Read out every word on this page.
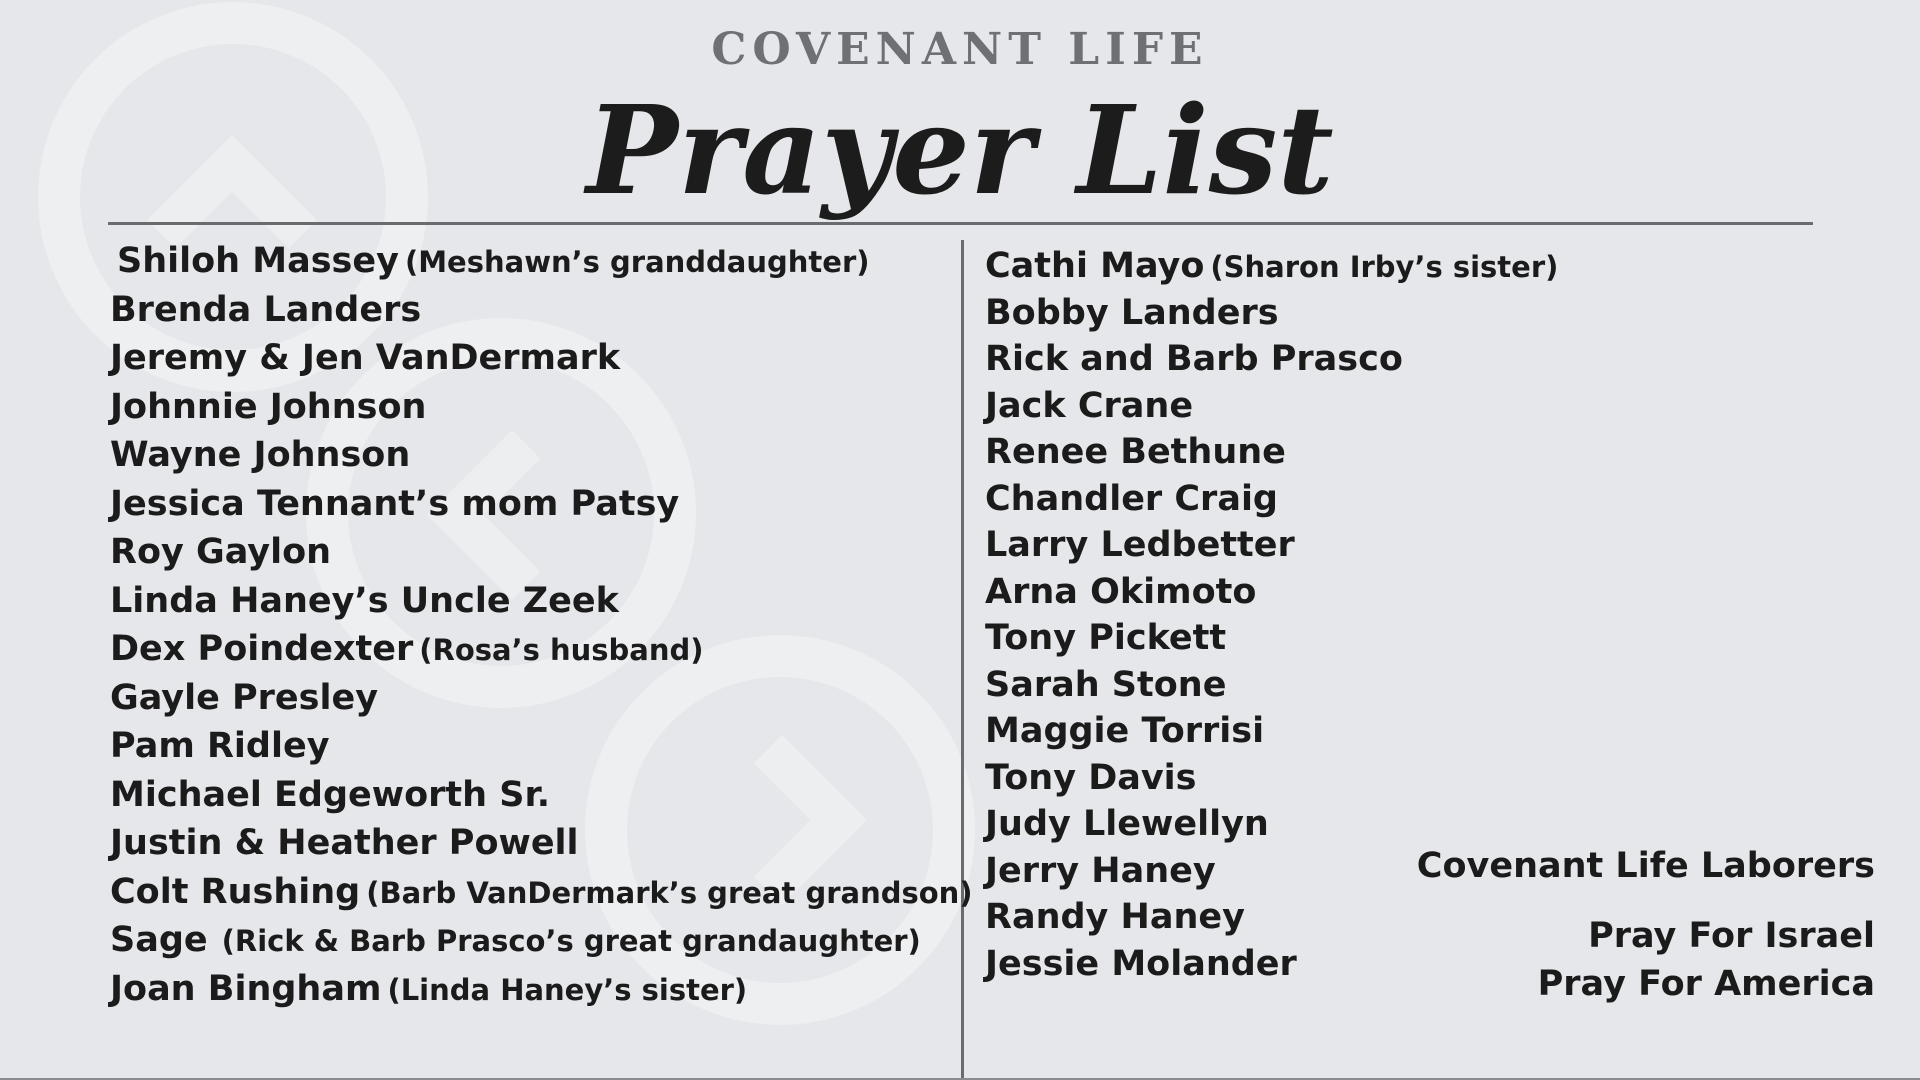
COVENANT LIFE
Prayer List
Shiloh Massey (Meshawn’s granddaughter)
Brenda Landers
Jeremy & Jen VanDermark
Johnnie Johnson
Wayne Johnson
Jessica Tennant’s mom Patsy
Roy Gaylon
Linda Haney’s Uncle Zeek
Dex Poindexter (Rosa’s husband)
Gayle Presley
Pam Ridley
Michael Edgeworth Sr.
Justin & Heather Powell
Colt Rushing (Barb VanDermark’s great grandson)
Sage (Rick & Barb Prasco’s great grandaughter)
Joan Bingham (Linda Haney’s sister)
Cathi Mayo (Sharon Irby’s sister)
Bobby Landers
Rick and Barb Prasco
Jack Crane
Renee Bethune
Chandler Craig
Larry Ledbetter
Arna Okimoto
Tony Pickett
Sarah Stone
Maggie Torrisi
Tony Davis
Judy Llewellyn
Jerry Haney
Randy Haney
Jessie Molander
Covenant Life Laborers
Pray For Israel
Pray For America
